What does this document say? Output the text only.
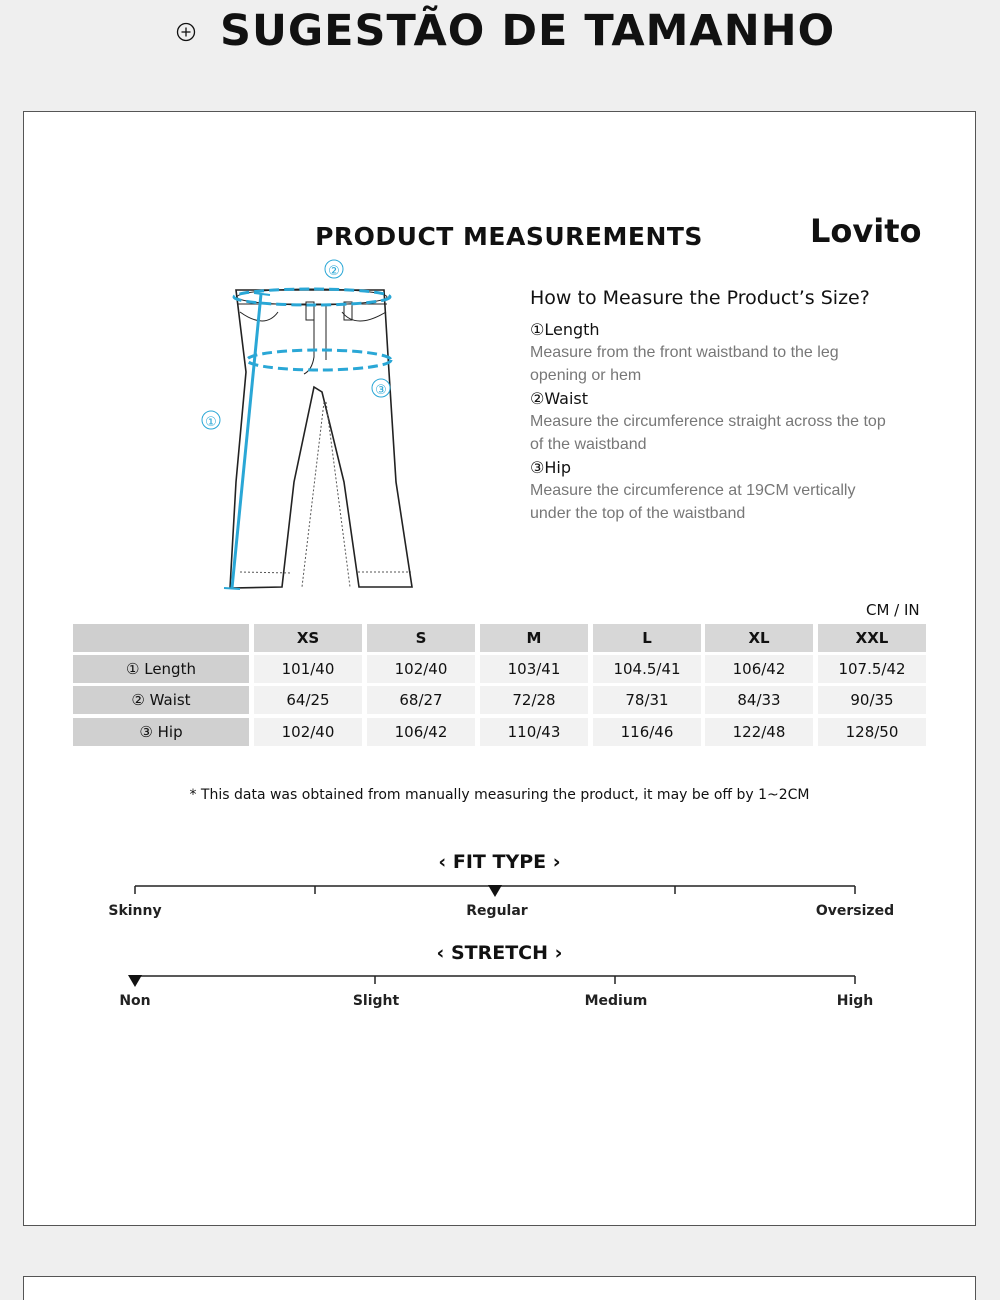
SUGESTÃO DE TAMANHO
PRODUCT MEASUREMENTS	Lovito
②
③
①
How to Measure the Product’s Size?
①Length
Measure from the front waistband to the leg opening or hem
②Waist
Measure the circumference straight across the top of the waistband
③Hip
Measure the circumference at 19CM vertically under the top of the waistband
CM / IN
XS	S	M	L	XL	XXL
① Length	101/40	102/40	103/41	104.5/41	106/42	107.5/42
② Waist	64/25	68/27	72/28	78/31	84/33	90/35
③ Hip	102/40	106/42	110/43	116/46	122/48	128/50
* This data was obtained from manually measuring the product, it may be off by 1~2CM
‹ FIT TYPE ›
Skinny	Regular	Oversized
‹ STRETCH ›
Non	Slight	Medium	High
